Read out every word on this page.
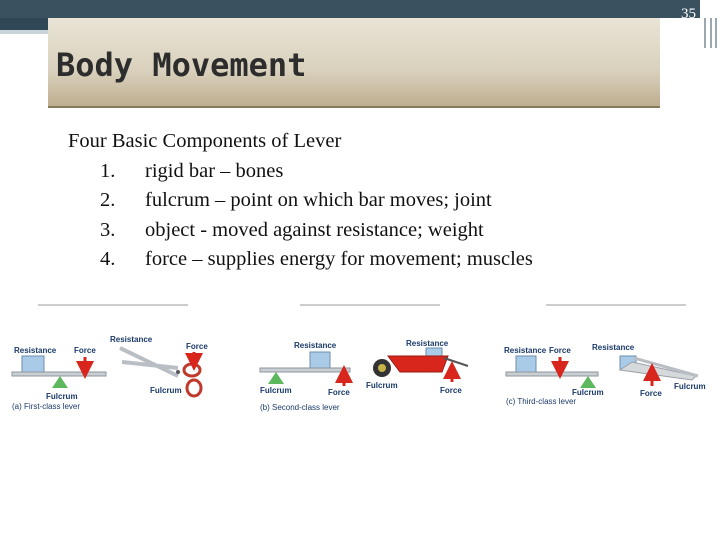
35
Body Movement
Four Basic Components of Lever
1.	rigid bar – bones
2.	fulcrum – point on which bar moves; joint
3.	object - moved against resistance; weight
4.	force – supplies energy for movement; muscles
Resistance Force
Fulcrum
(a) First-class lever
Resistance
Force
Fulcrum
Resistance
Fulcrum	Force
(b) Second-class lever
Resistance
Fulcrum
Force
Resistance Force
Fulcrum
(c) Third-class lever
Resistance
Force
Fulcrum
